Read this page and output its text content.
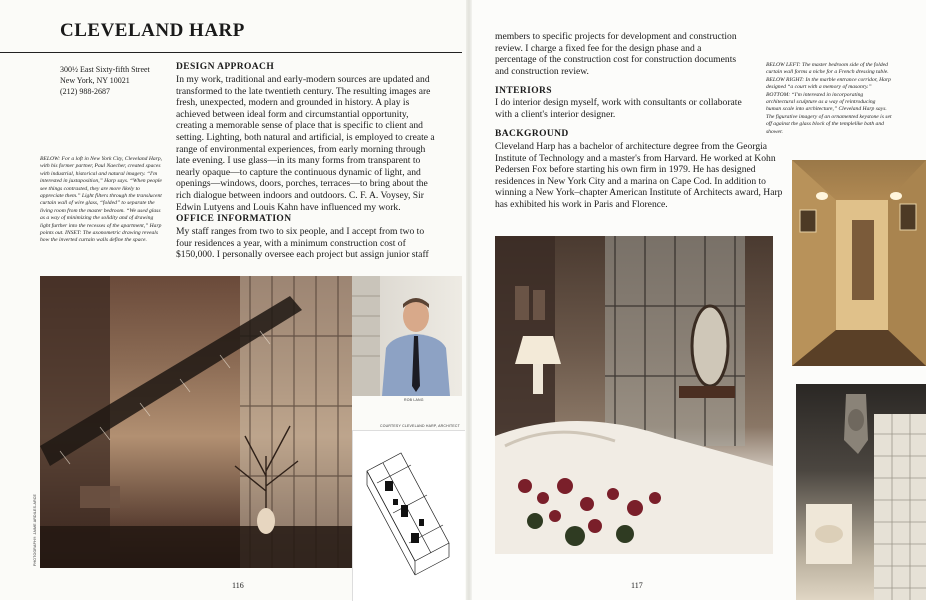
CLEVELAND HARP
300½ East Sixty-fifth Street
New York, NY 10021
(212) 988-2687
BELOW: For a loft in New York City, Cleveland Harp, with his former partner, Paul Naecher, created spaces with industrial, historical and natural imagery. “I'm interested in juxtaposition,” Harp says. “When people see things contrasted, they are more likely to appreciate them.” Light filters through the translucent curtain wall of wire glass, “folded” to separate the living room from the master bedroom. “We used glass as a way of minimizing the solidity and of drawing light further into the recesses of the apartment,” Harp points out. INSET: The axonometric drawing reveals how the inverted curtain walls define the space.
DESIGN APPROACH
In my work, traditional and early-modern sources are updated and transformed to the late twentieth century. The resulting images are fresh, unexpected, modern and grounded in history. A play is achieved between ideal form and circumstantial opportunity, creating a memorable sense of place that is specific to client and setting. Lighting, both natural and artificial, is employed to create a range of environmental experiences, from early morning through late evening. I use glass—in its many forms from transparent to nearly opaque—to capture the continuous dynamic of light, and openings—windows, doors, porches, terraces—to bring about the rich dialogue between indoors and outdoors. C. F. A. Voysey, Sir Edwin Lutyens and Louis Kahn have influenced my work.
OFFICE INFORMATION
My staff ranges from two to six people, and I accept from two to four residences a year, with a minimum construction cost of $150,000. I personally oversee each project but assign junior staff
PHOTOGRAPHY: JAIME ARDILES-ARCE
ROB LANG
COURTESY CLEVELAND HARP, ARCHITECT
116
members to specific projects for development and construction review. I charge a fixed fee for the design phase and a percentage of the construction cost for construction documents and construction review.
INTERIORS
I do interior design myself, work with consultants or collaborate with a client's interior designer.
BACKGROUND
Cleveland Harp has a bachelor of architecture degree from the Georgia Institute of Technology and a master's from Harvard. He worked at Kohn Pedersen Fox before starting his own firm in 1979. He has designed residences in New York City and a marina on Cape Cod. In addition to winning a New York–chapter American Institute of Architects award, Harp has exhibited his work in Paris and Florence.
BELOW LEFT: The master bedroom side of the folded curtain wall forms a niche for a French dressing table. BELOW RIGHT: In the marble entrance corridor, Harp designed “a court with a memory of masonry.” BOTTOM: “I'm interested in incorporating architectural sculpture as a way of reintroducing human scale into architecture,” Cleveland Harp says. The figurative imagery of an ornamented keystone is set off against the glass block of the templelike bath and shower.
117
